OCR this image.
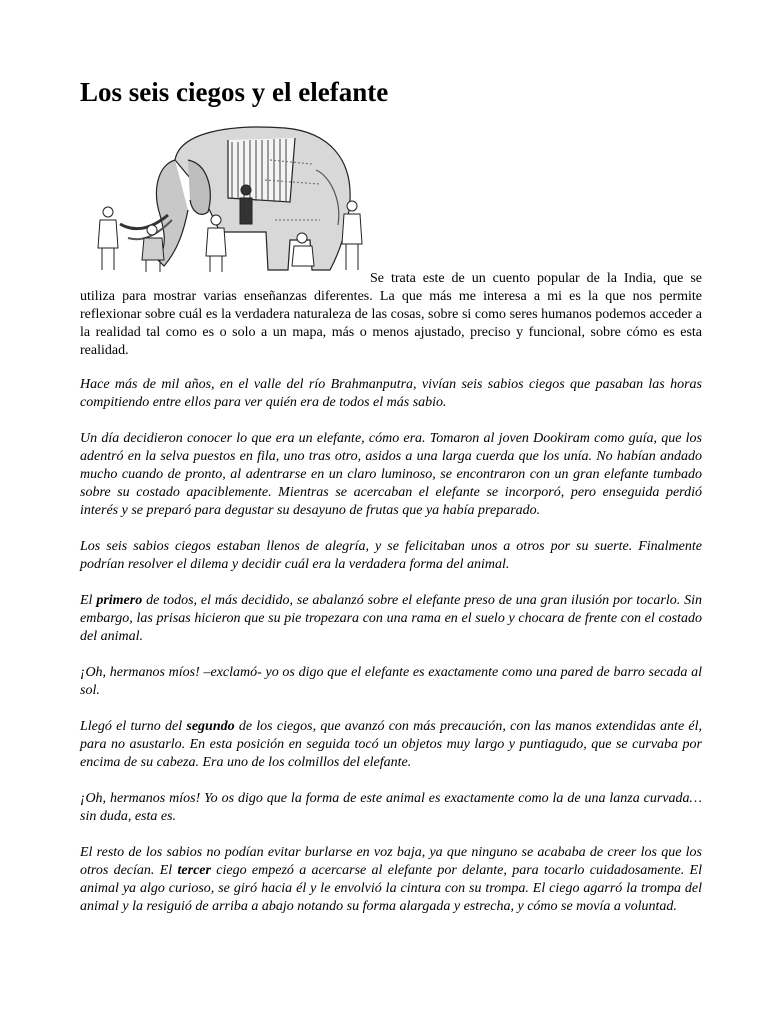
Los seis ciegos y el elefante

Se trata este de un cuento popular de la India, que se utiliza para mostrar varias enseñanzas diferentes. La que más me interesa a mi es la que nos permite reflexionar sobre cuál es la verdadera naturaleza de las cosas, sobre si como seres humanos podemos acceder a la realidad tal como es o solo a un mapa, más o menos ajustado, preciso y funcional, sobre cómo es esta realidad.

Hace más de mil años, en el valle del río Brahmanputra, vivían seis sabios ciegos que pasaban las horas compitiendo entre ellos para ver quién era de todos el más sabio.

Un día decidieron conocer lo que era un elefante, cómo era. Tomaron al joven Dookiram como guía, que los adentró en la selva puestos en fila, uno tras otro, asidos a una larga cuerda que los unía. No habían andado mucho cuando de pronto, al adentrarse en un claro luminoso, se encontraron con un gran elefante tumbado sobre su costado apaciblemente. Mientras se acercaban el elefante se incorporó, pero enseguida perdió interés y se preparó para degustar su desayuno de frutas que ya había preparado.

Los seis sabios ciegos estaban llenos de alegría, y se felicitaban unos a otros por su suerte. Finalmente podrían resolver el dilema y decidir cuál era la verdadera forma del animal.

El primero de todos, el más decidido, se abalanzó sobre el elefante preso de una gran ilusión por tocarlo. Sin embargo, las prisas hicieron que su pie tropezara con una rama en el suelo y chocara de frente con el costado del animal.

¡Oh, hermanos míos! –exclamó- yo os digo que el elefante es exactamente como una pared de barro secada al sol.

Llegó el turno del segundo de los ciegos, que avanzó con más precaución, con las manos extendidas ante él, para no asustarlo. En esta posición en seguida tocó un objetos muy largo y puntiagudo, que se curvaba por encima de su cabeza. Era uno de los colmillos del elefante.

¡Oh, hermanos míos! Yo os digo que la forma de este animal es exactamente como la de una lanza curvada… sin duda, esta es.

El resto de los sabios no podían evitar burlarse en voz baja, ya que ninguno se acababa de creer los que los otros decían. El tercer ciego empezó a acercarse al elefante por delante, para tocarlo cuidadosamente. El animal ya algo curioso, se giró hacia él y le envolvió la cintura con su trompa. El ciego agarró la trompa del animal y la resiguió de arriba a abajo notando su forma alargada y estrecha, y cómo se movía a voluntad.
